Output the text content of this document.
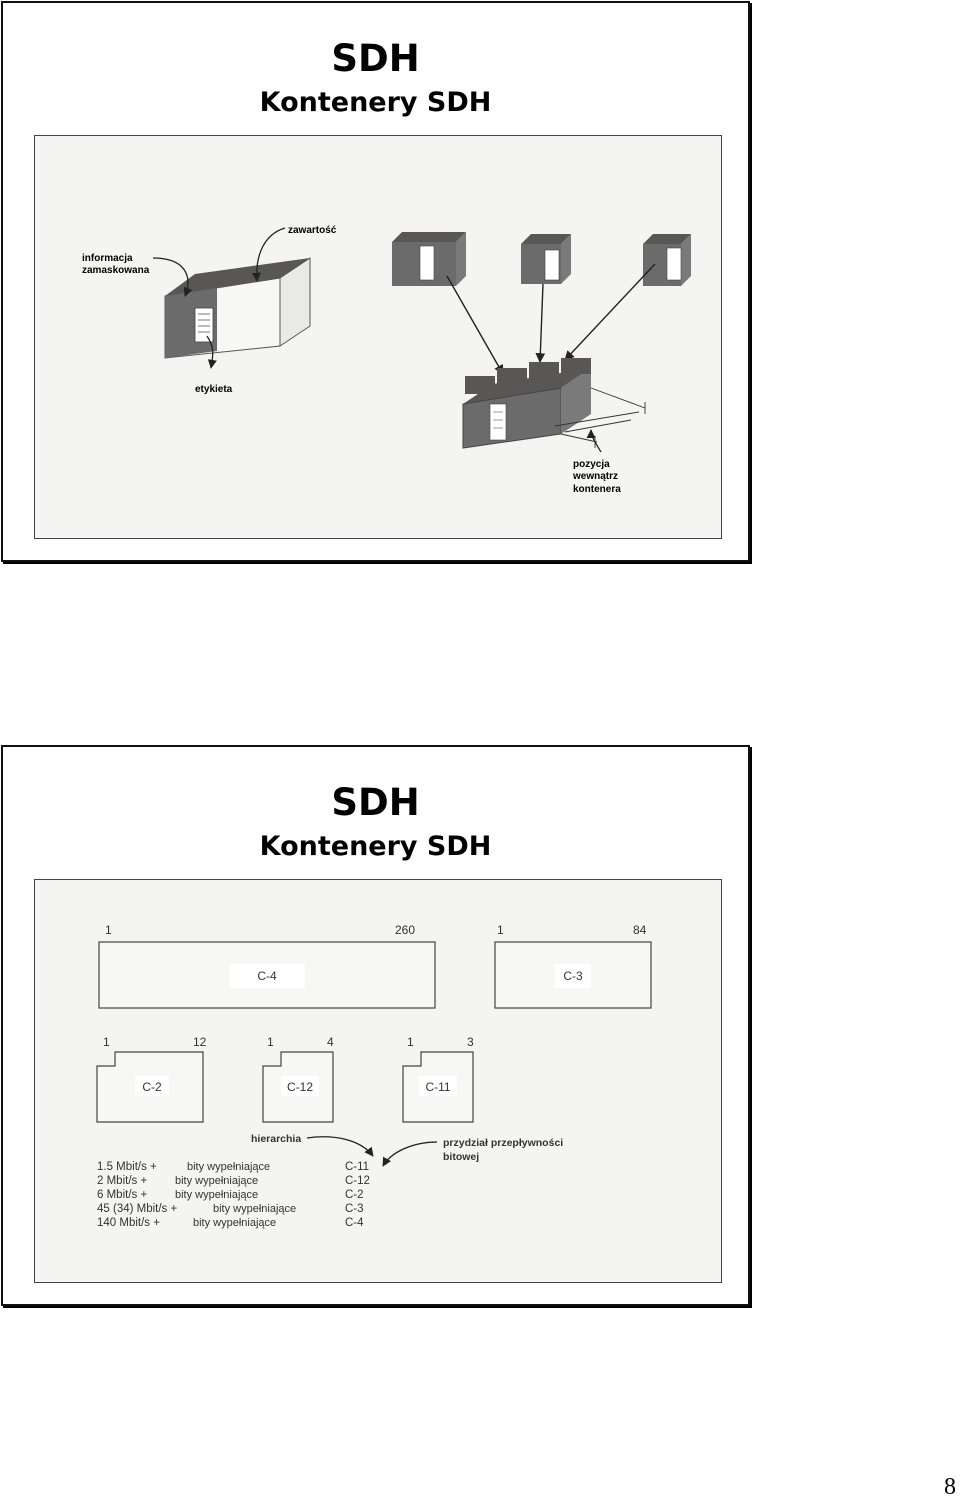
SDH
Kontenery SDH
informacja
zamaskowana
zawartość
etykieta
pozycja
wewnątrz
kontenera
SDH
Kontenery SDH
1	260
C-4
1	84
C-3
1	12
C-2
1	4
C-12
1	3
C-11
hierarchia	przydział przepływności
bitowej
1.5 Mbit/s +	bity wypełniające	C-11
2 Mbit/s +	bity wypełniające	C-12
6 Mbit/s +	bity wypełniające	C-2
45 (34) Mbit/s +	bity wypełniające	C-3
140 Mbit/s +	bity wypełniające	C-4
8
